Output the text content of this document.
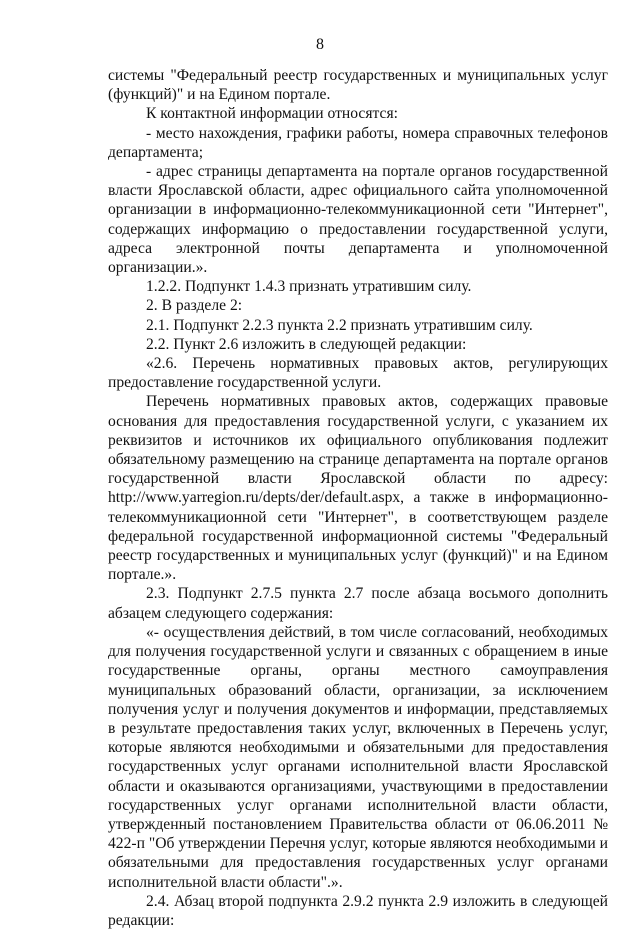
8

системы "Федеральный реестр государственных и муниципальных услуг (функций)" и на Едином портале.

К контактной информации относятся:

- место нахождения, графики работы, номера справочных телефонов департамента;

- адрес страницы департамента на портале органов государственной власти Ярославской области, адрес официального сайта уполномоченной организации в информационно-телекоммуникационной сети "Интернет", содержащих информацию о предоставлении государственной услуги, адреса электронной почты департамента и уполномоченной организации.».

1.2.2. Подпункт 1.4.3 признать утратившим силу.

2. В разделе 2:

2.1. Подпункт 2.2.3 пункта 2.2 признать утратившим силу.

2.2. Пункт 2.6 изложить в следующей редакции:

«2.6. Перечень нормативных правовых актов, регулирующих предоставление государственной услуги.

Перечень нормативных правовых актов, содержащих правовые основания для предоставления государственной услуги, с указанием их реквизитов и источников их официального опубликования подлежит обязательному размещению на странице департамента на портале органов государственной власти Ярославской области по адресу: http://www.yarregion.ru/depts/der/default.aspx, а также в информационно-телекоммуникационной сети "Интернет", в соответствующем разделе федеральной государственной информационной системы "Федеральный реестр государственных и муниципальных услуг (функций)" и на Едином портале.».

2.3. Подпункт 2.7.5 пункта 2.7 после абзаца восьмого дополнить абзацем следующего содержания:

«- осуществления действий, в том числе согласований, необходимых для получения государственной услуги и связанных с обращением в иные государственные органы, органы местного самоуправления муниципальных образований области, организации, за исключением получения услуг и получения документов и информации, представляемых в результате предоставления таких услуг, включенных в Перечень услуг, которые являются необходимыми и обязательными для предоставления государственных услуг органами исполнительной власти Ярославской области и оказываются организациями, участвующими в предоставлении государственных услуг органами исполнительной власти области, утвержденный постановлением Правительства области от 06.06.2011 № 422-п "Об утверждении Перечня услуг, которые являются необходимыми и обязательными для предоставления государственных услуг органами исполнительной власти области".».

2.4. Абзац второй подпункта 2.9.2 пункта 2.9 изложить в следующей редакции:
